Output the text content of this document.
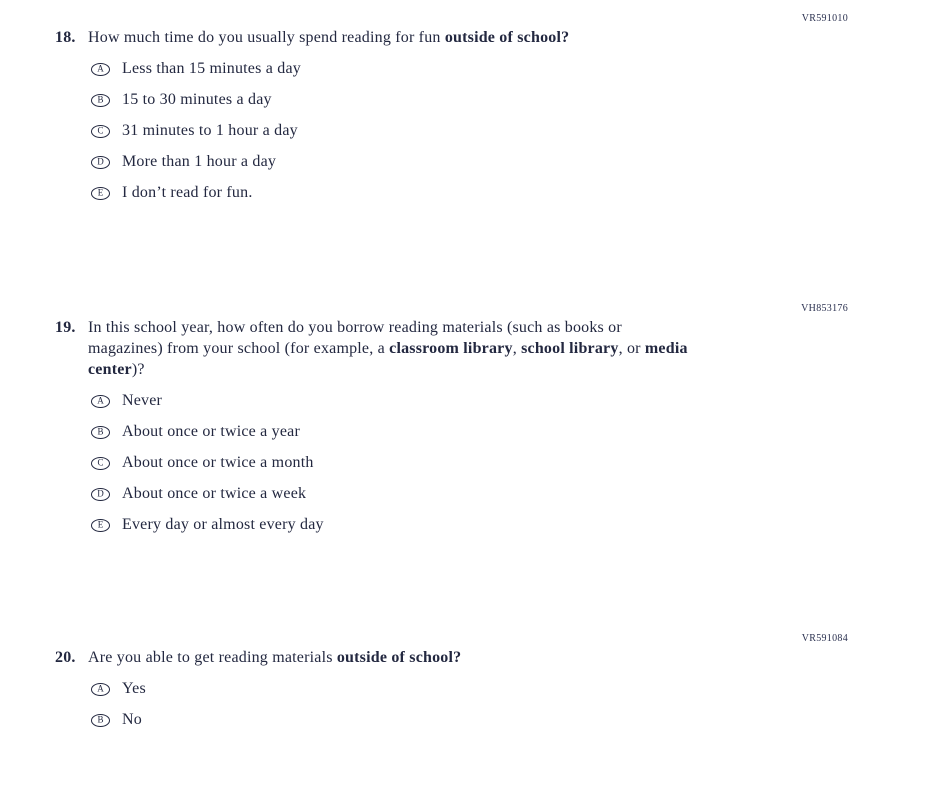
VR591010
18. How much time do you usually spend reading for fun outside of school?
A Less than 15 minutes a day
B 15 to 30 minutes a day
C 31 minutes to 1 hour a day
D More than 1 hour a day
E I don’t read for fun.
VH853176
19. In this school year, how often do you borrow reading materials (such as books or
magazines) from your school (for example, a classroom library, school library, or media
center)?
A Never
B About once or twice a year
C About once or twice a month
D About once or twice a week
E Every day or almost every day
VR591084
20. Are you able to get reading materials outside of school?
A Yes
B No
